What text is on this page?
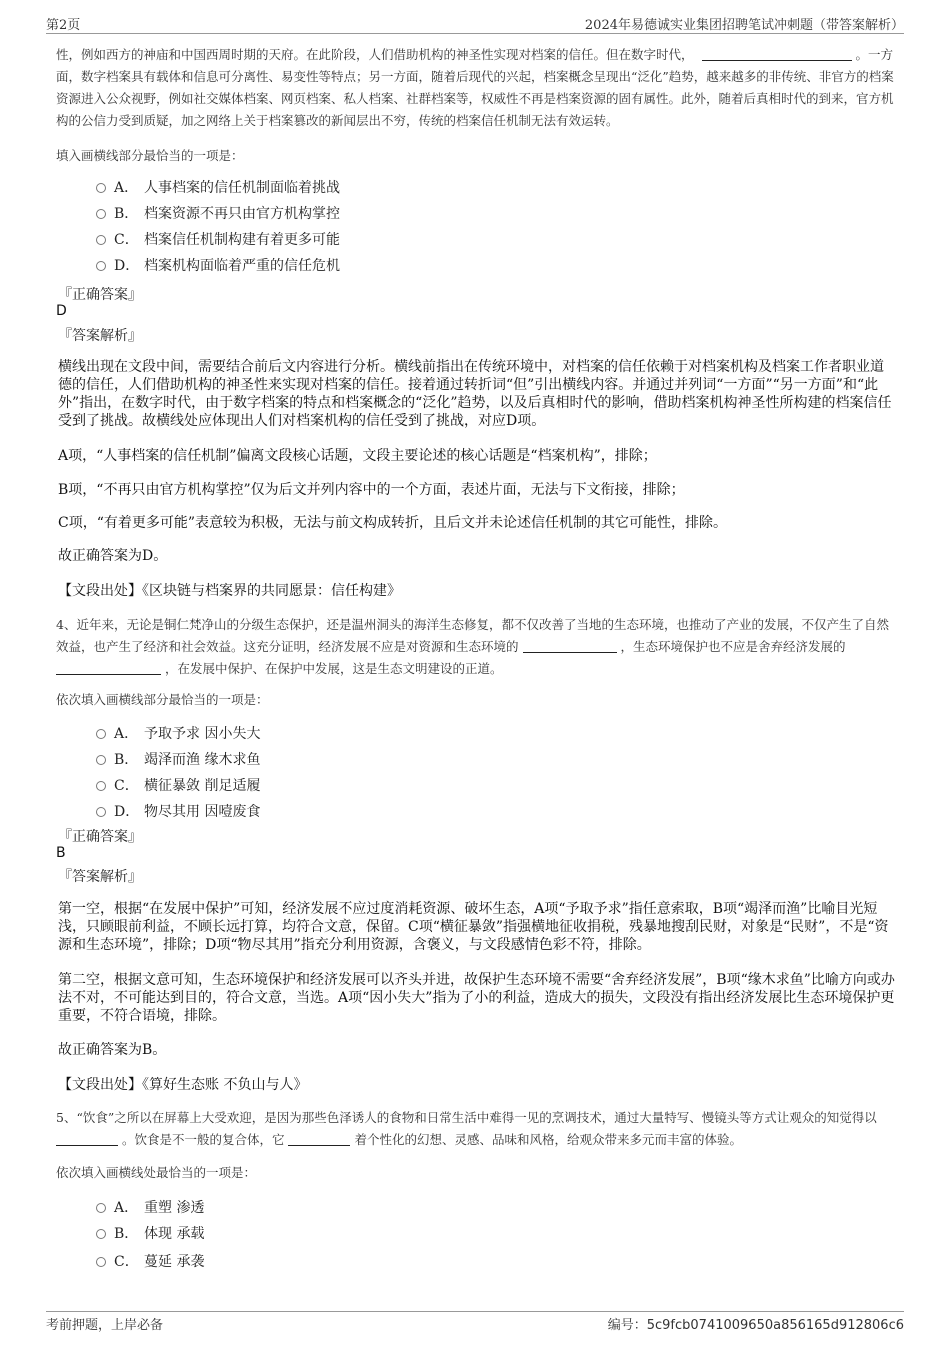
第2页	2024年易德诚实业集团招聘笔试冲刺题（带答案解析）
性，例如西方的神庙和中国西周时期的天府。在此阶段，人们借助机构的神圣性实现对档案的信任。但在数字时代，	。一方面，数字档案具有载体和信息可分离性、易变性等特点；另一方面，随着后现代的兴起，档案概念呈现出“泛化”趋势，越来越多的非传统、非官方的档案资源进入公众视野，例如社交媒体档案、网页档案、私人档案、社群档案等，权威性不再是档案资源的固有属性。此外，随着后真相时代的到来，官方机构的公信力受到质疑，加之网络上关于档案篡改的新闻层出不穷，传统的档案信任机制无法有效运转。
填入画横线部分最恰当的一项是：
A． 人事档案的信任机制面临着挑战
B． 档案资源不再只由官方机构掌控
C． 档案信任机制构建有着更多可能
D． 档案机构面临着严重的信任危机
『正确答案』
D
『答案解析』
横线出现在文段中间，需要结合前后文内容进行分析。横线前指出在传统环境中，对档案的信任依赖于对档案机构及档案工作者职业道德的信任，人们借助机构的神圣性来实现对档案的信任。接着通过转折词“但”引出横线内容。并通过并列词“一方面”“另一方面”和“此外”指出，在数字时代，由于数字档案的特点和档案概念的“泛化”趋势，以及后真相时代的影响，借助档案机构神圣性所构建的档案信任受到了挑战。故横线处应体现出人们对档案机构的信任受到了挑战，对应D项。
A项，“人事档案的信任机制”偏离文段核心话题，文段主要论述的核心话题是“档案机构”，排除；
B项，“不再只由官方机构掌控”仅为后文并列内容中的一个方面，表述片面，无法与下文衔接，排除；
C项，“有着更多可能”表意较为积极，无法与前文构成转折，且后文并未论述信任机制的其它可能性，排除。
故正确答案为D。
【文段出处】《区块链与档案界的共同愿景：信任构建》
4、近年来，无论是铜仁梵净山的分级生态保护，还是温州洞头的海洋生态修复，都不仅改善了当地的生态环境，也推动了产业的发展，不仅产生了自然效益，也产生了经济和社会效益。这充分证明，经济发展不应是对资源和生态环境的	，生态环境保护也不应是舍弃经济发展的  ，在发展中保护、在保护中发展，这是生态文明建设的正道。
依次填入画横线部分最恰当的一项是：
A． 予取予求 因小失大
B． 竭泽而渔 缘木求鱼
C． 横征暴敛 削足适履
D． 物尽其用 因噎废食
『正确答案』
B
『答案解析』
第一空，根据“在发展中保护”可知，经济发展不应过度消耗资源、破坏生态，A项“予取予求”指任意索取，B项“竭泽而渔”比喻目光短浅，只顾眼前利益，不顾长远打算，均符合文意，保留。C项“横征暴敛”指强横地征收捐税，残暴地搜刮民财，对象是“民财”，不是“资源和生态环境”，排除；D项“物尽其用”指充分利用资源，含褒义，与文段感情色彩不符，排除。
第二空，根据文意可知，生态环境保护和经济发展可以齐头并进，故保护生态环境不需要“舍弃经济发展”，B项“缘木求鱼”比喻方向或办法不对，不可能达到目的，符合文意，当选。A项“因小失大”指为了小的利益，造成大的损失，文段没有指出经济发展比生态环境保护更重要，不符合语境，排除。
故正确答案为B。
【文段出处】《算好生态账 不负山与人》
5、“饮食”之所以在屏幕上大受欢迎，是因为那些色泽诱人的食物和日常生活中难得一见的烹调技术，通过大量特写、慢镜头等方式让观众的知觉得以  。饮食是不一般的复合体，它	着个性化的幻想、灵感、品味和风格，给观众带来多元而丰富的体验。
依次填入画横线处最恰当的一项是：
A． 重塑 渗透
B． 体现 承载
C． 蔓延 承袭
考前押题，上岸必备	编号：5c9fcb0741009650a856165d912806c6
